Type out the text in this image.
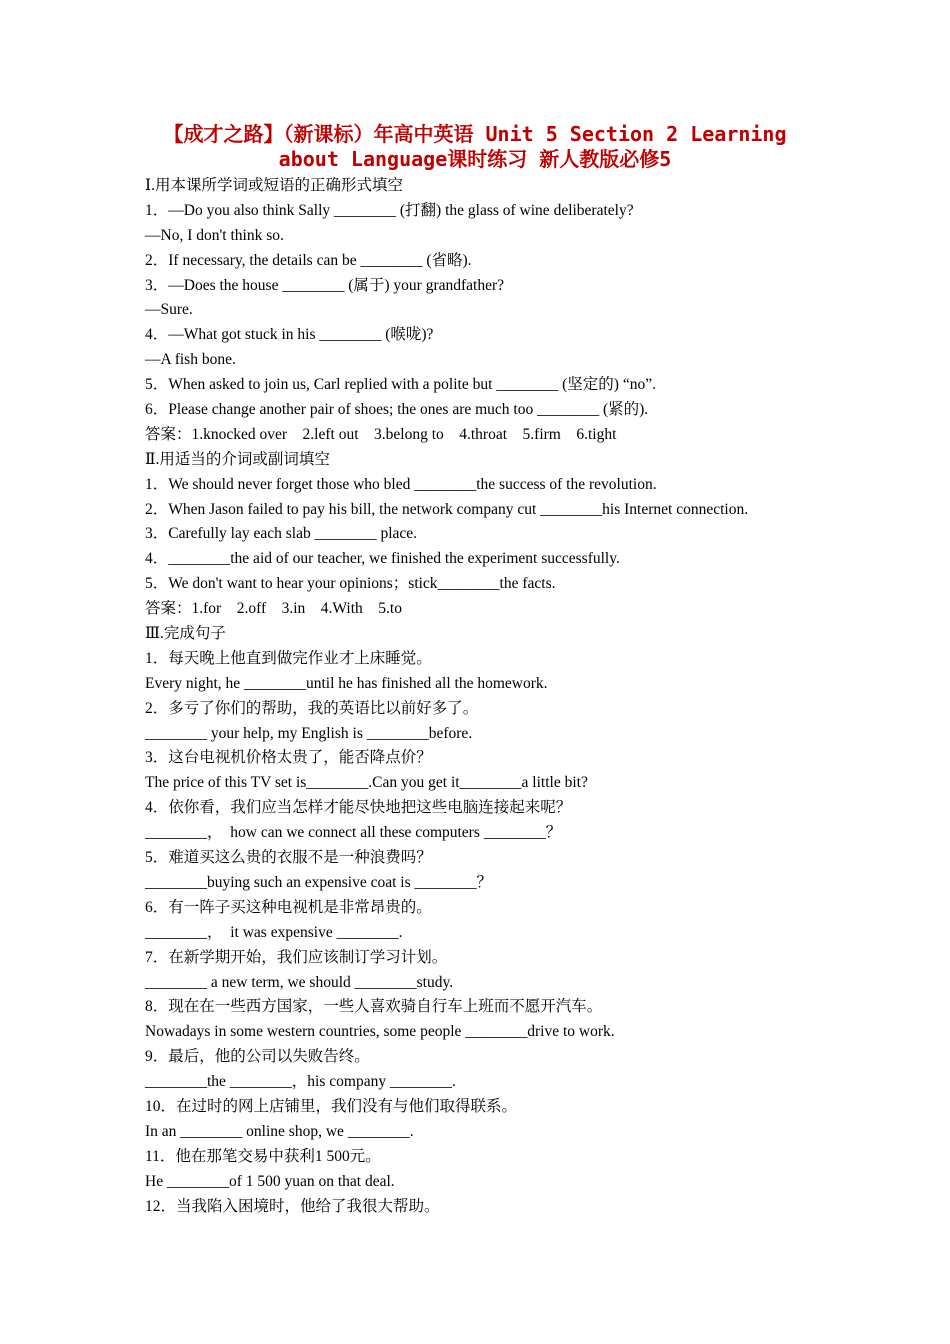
【成才之路】（新课标）年高中英语 Unit 5 Section 2 Learning
about Language课时练习 新人教版必修5
Ⅰ.用本课所学词或短语的正确形式填空
1．—Do you also think Sally ________ (打翻) the glass of wine deliberately?
—No, I don't think so.
2．If necessary, the details can be ________ (省略).
3．—Does the house ________ (属于) your grandfather?
—Sure.
4．—What got stuck in his ________ (喉咙)?
—A fish bone.
5．When asked to join us, Carl replied with a polite but ________ (坚定的) “no”.
6．Please change another pair of shoes; the ones are much too ________ (紧的).
答案：1.knocked over    2.left out    3.belong to    4.throat    5.firm    6.tight
Ⅱ.用适当的介词或副词填空
1．We should never forget those who bled ________the success of the revolution.
2．When Jason failed to pay his bill, the network company cut ________his Internet connection.
3．Carefully lay each slab ________ place.
4．________the aid of our teacher, we finished the experiment successfully.
5．We don't want to hear your opinions；stick________the facts.
答案：1.for    2.off    3.in    4.With    5.to
Ⅲ.完成句子
1．每天晚上他直到做完作业才上床睡觉。
Every night, he ________until he has finished all the homework.
2．多亏了你们的帮助，我的英语比以前好多了。
________ your help, my English is ________before.
3．这台电视机价格太贵了，能否降点价？
The price of this TV set is________.Can you get it________a little bit?
4．依你看，我们应当怎样才能尽快地把这些电脑连接起来呢？
________，  how can we connect all these computers ________？
5．难道买这么贵的衣服不是一种浪费吗？
________buying such an expensive coat is ________？
6．有一阵子买这种电视机是非常昂贵的。
________，  it was expensive ________.
7．在新学期开始，我们应该制订学习计划。
________ a new term, we should ________study.
8．现在在一些西方国家，一些人喜欢骑自行车上班而不愿开汽车。
Nowadays in some western countries, some people ________drive to work.
9．最后，他的公司以失败告终。
________the ________，his company ________.
10．在过时的网上店铺里，我们没有与他们取得联系。
In an ________ online shop, we ________.
11．他在那笔交易中获利1 500元。
He ________of 1 500 yuan on that deal.
12．当我陷入困境时，他给了我很大帮助。
